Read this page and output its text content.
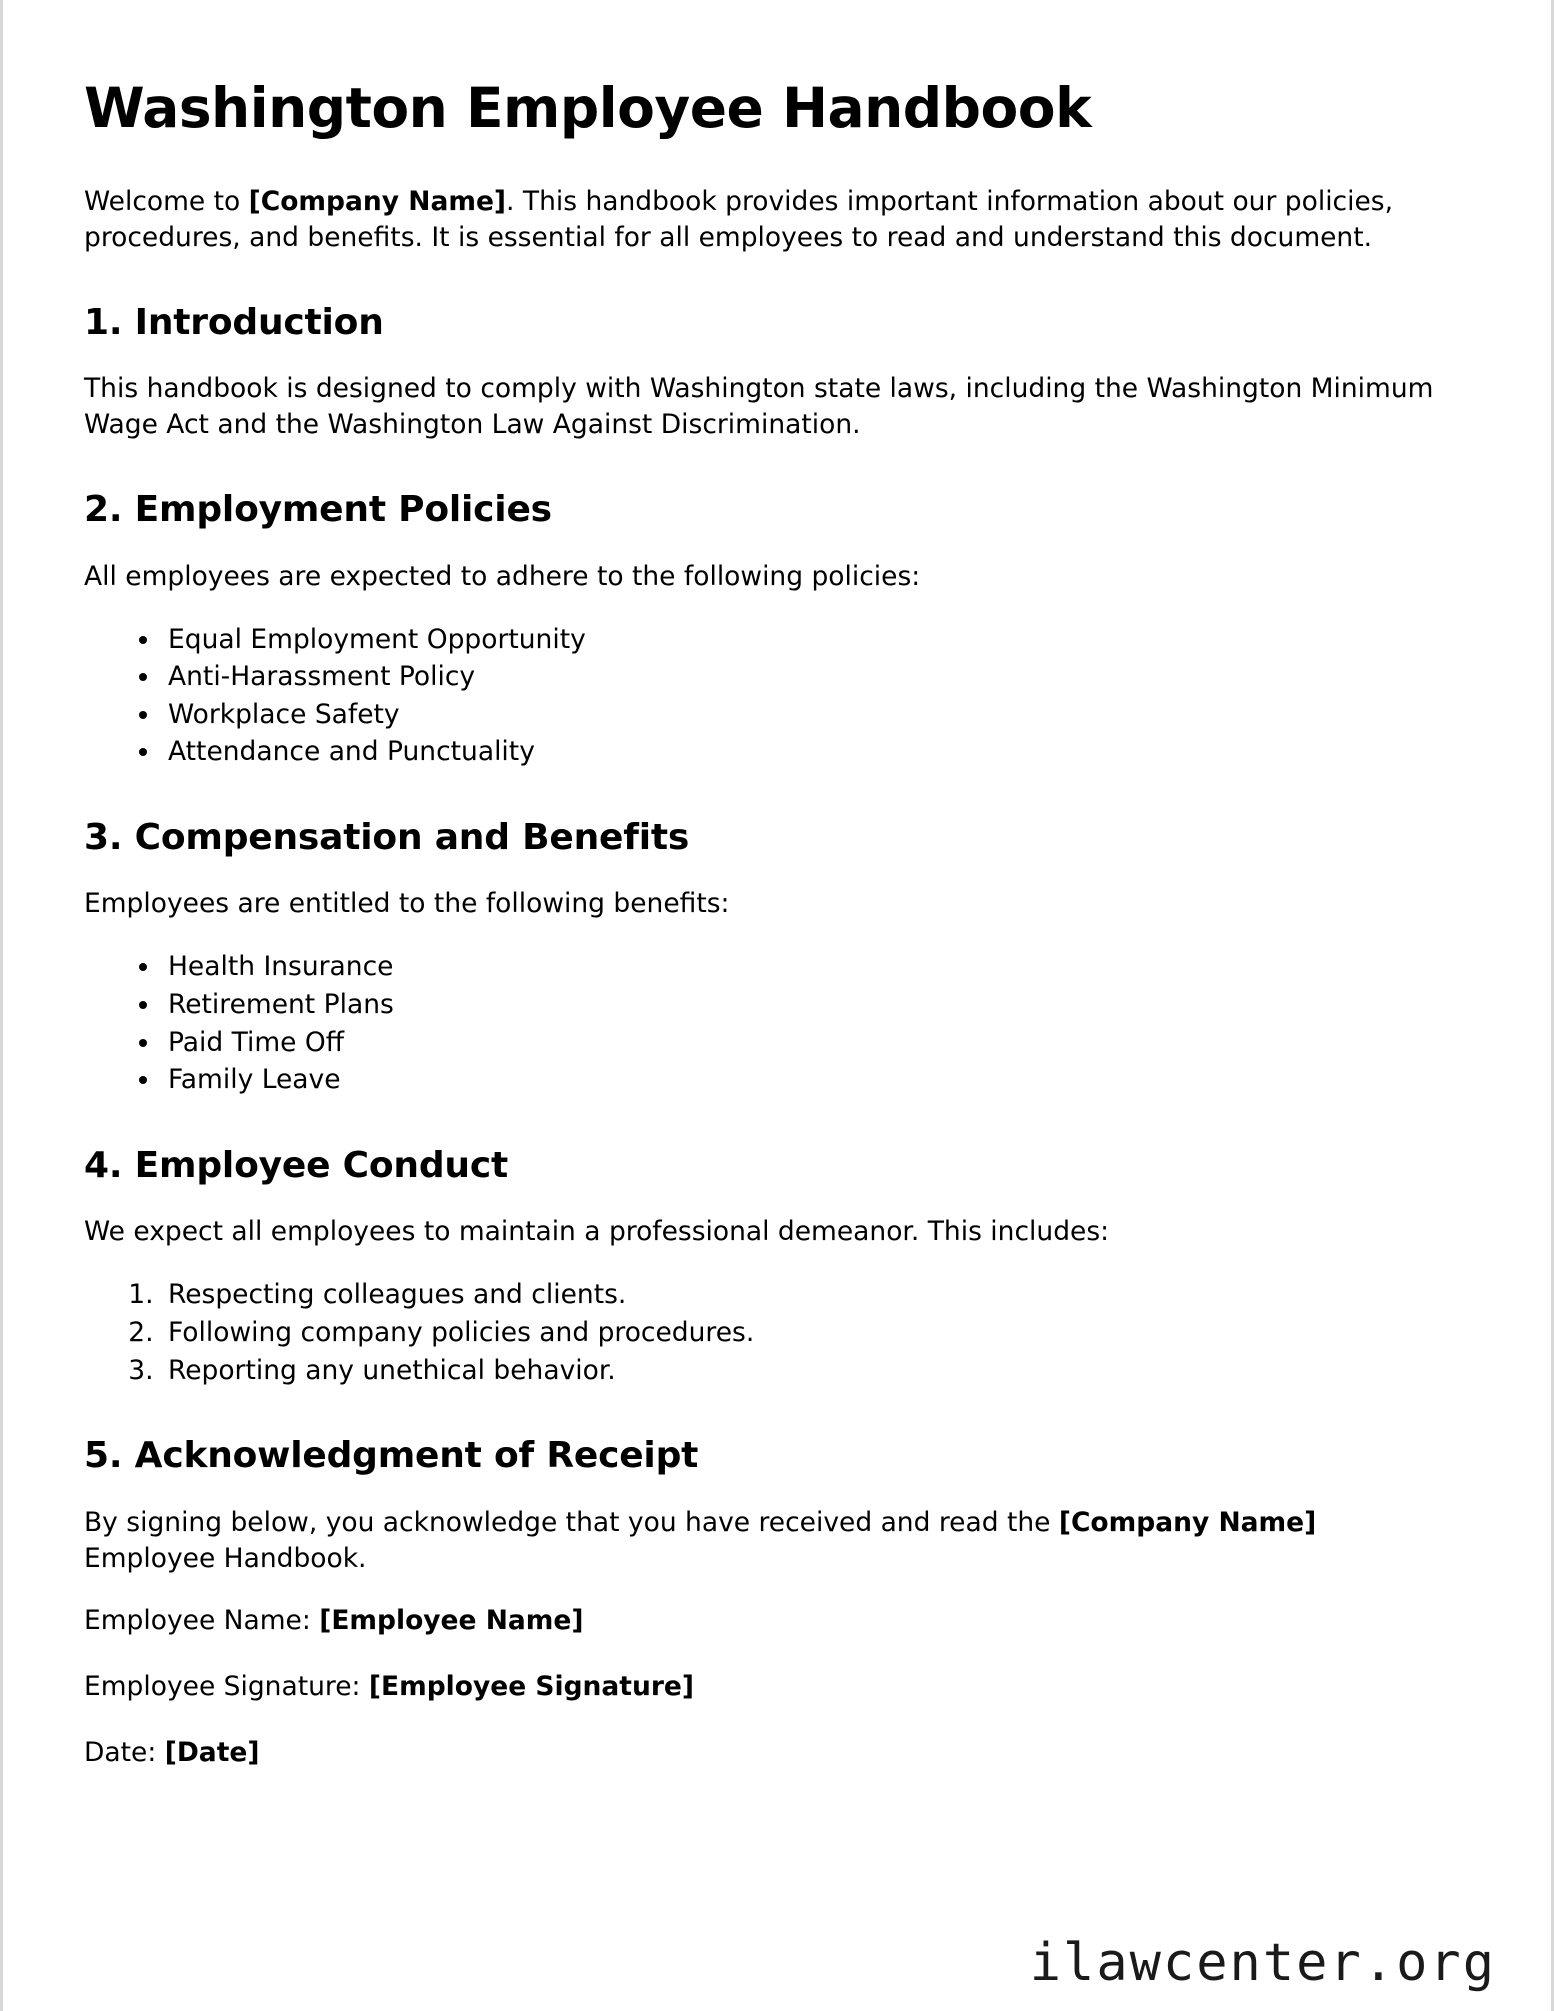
Washington Employee Handbook

Welcome to [Company Name]. This handbook provides important information about our policies, procedures, and benefits. It is essential for all employees to read and understand this document.

1. Introduction

This handbook is designed to comply with Washington state laws, including the Washington Minimum Wage Act and the Washington Law Against Discrimination.

2. Employment Policies

All employees are expected to adhere to the following policies:

• Equal Employment Opportunity
• Anti-Harassment Policy
• Workplace Safety
• Attendance and Punctuality
3. Compensation and Benefits

Employees are entitled to the following benefits:

• Health Insurance
• Retirement Plans
• Paid Time Off
• Family Leave
4. Employee Conduct

We expect all employees to maintain a professional demeanor. This includes:

1. Respecting colleagues and clients.
2. Following company policies and procedures.
3. Reporting any unethical behavior.
5. Acknowledgment of Receipt

By signing below, you acknowledge that you have received and read the [Company Name] Employee Handbook.

Employee Name: [Employee Name]

Employee Signature: [Employee Signature]

Date: [Date]

ilawcenter.org
